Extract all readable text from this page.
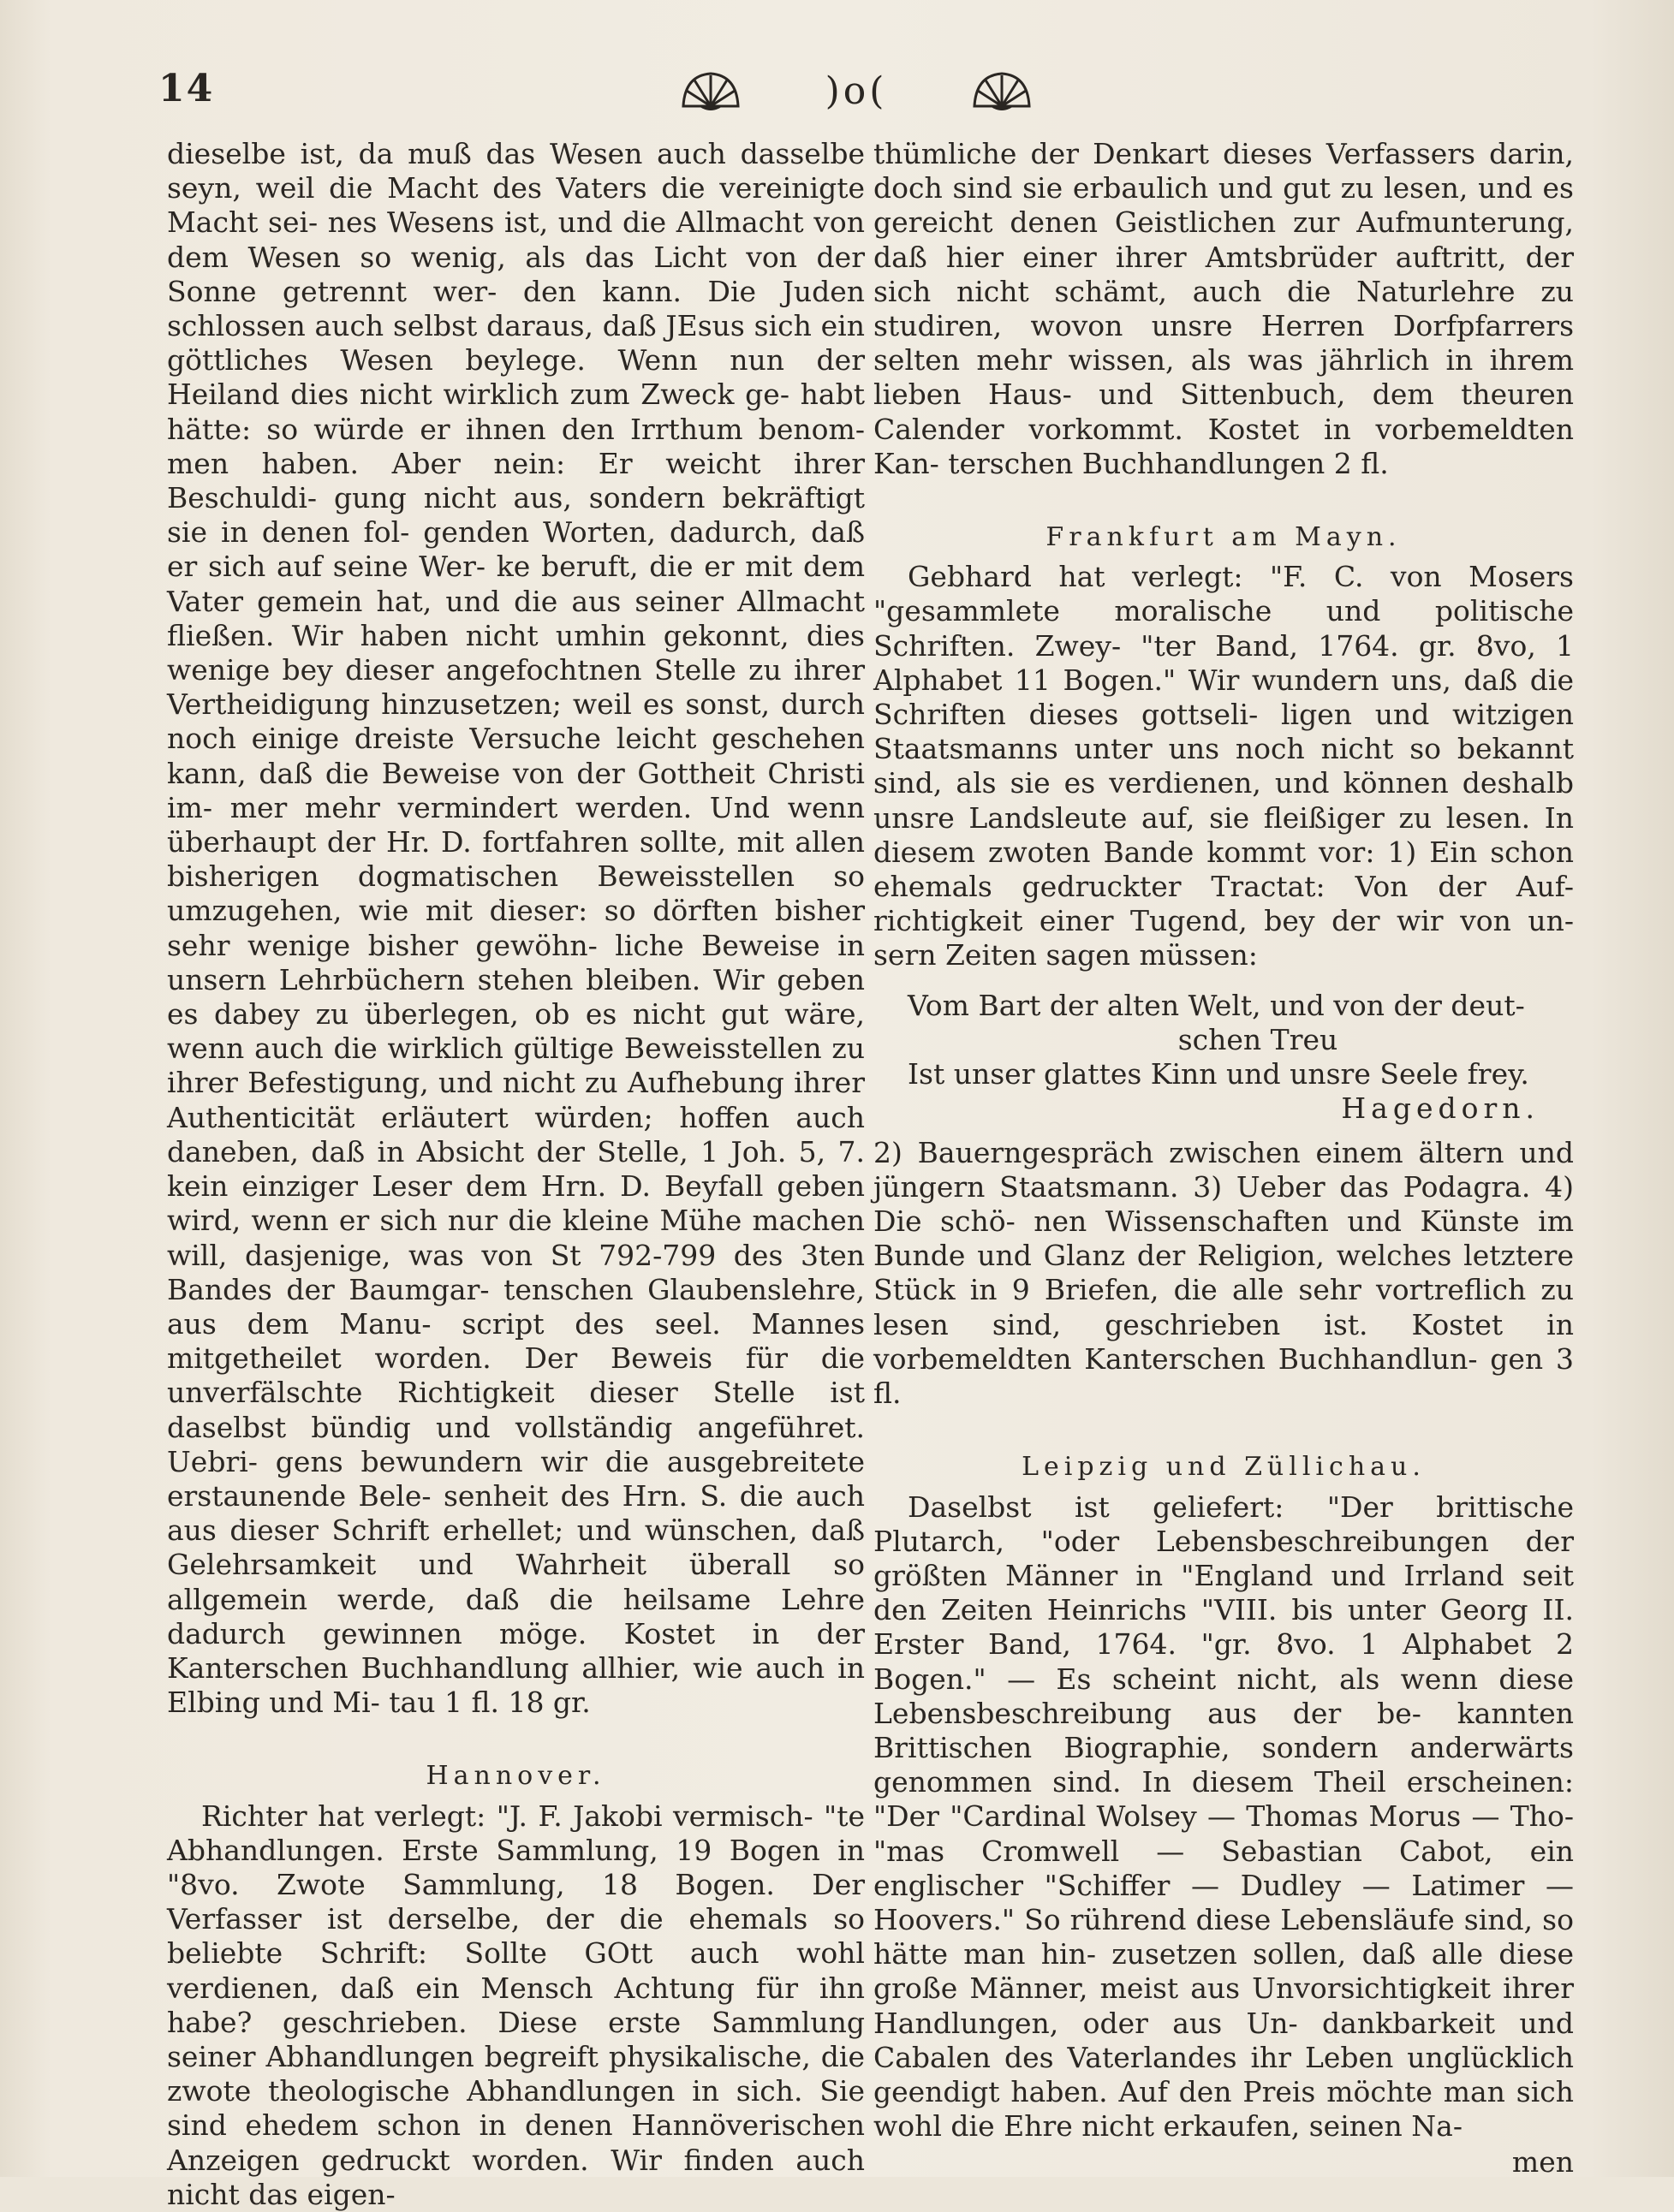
14	)o(

dieselbe ist, da muß das Wesen auch dasselbe seyn, weil die Macht des Vaters die vereinigte Macht sei- nes Wesens ist, und die Allmacht von dem Wesen so wenig, als das Licht von der Sonne getrennt wer- den kann. Die Juden schlossen auch selbst daraus, daß JEsus sich ein göttliches Wesen beylege. Wenn nun der Heiland dies nicht wirklich zum Zweck ge- habt hätte: so würde er ihnen den Irrthum benom- men haben. Aber nein: Er weicht ihrer Beschuldi- gung nicht aus, sondern bekräftigt sie in denen fol- genden Worten, dadurch, daß er sich auf seine Wer- ke beruft, die er mit dem Vater gemein hat, und die aus seiner Allmacht fließen. Wir haben nicht umhin gekonnt, dies wenige bey dieser angefochtnen Stelle zu ihrer Vertheidigung hinzusetzen; weil es sonst, durch noch einige dreiste Versuche leicht geschehen kann, daß die Beweise von der Gottheit Christi im- mer mehr vermindert werden. Und wenn überhaupt der Hr. D. fortfahren sollte, mit allen bisherigen dogmatischen Beweisstellen so umzugehen, wie mit dieser: so dörften bisher sehr wenige bisher gewöhn- liche Beweise in unsern Lehrbüchern stehen bleiben. Wir geben es dabey zu überlegen, ob es nicht gut wäre, wenn auch die wirklich gültige Beweisstellen zu ihrer Befestigung, und nicht zu Aufhebung ihrer Authenticität erläutert würden; hoffen auch daneben, daß in Absicht der Stelle, 1 Joh. 5, 7. kein einziger Leser dem Hrn. D. Beyfall geben wird, wenn er sich nur die kleine Mühe machen will, dasjenige, was von St 792-799 des 3ten Bandes der Baumgar- tenschen Glaubenslehre, aus dem Manu- script des seel. Mannes mitgetheilet worden. Der Beweis für die unverfälschte Richtigkeit dieser Stelle ist daselbst bündig und vollständig angeführet. Uebri- gens bewundern wir die ausgebreitete erstaunende Bele- senheit des Hrn. S. die auch aus dieser Schrift erhellet; und wünschen, daß Gelehrsamkeit und Wahrheit überall so allgemein werde, daß die heilsame Lehre dadurch gewinnen möge. Kostet in der Kanterschen Buchhandlung allhier, wie auch in Elbing und Mi- tau 1 fl. 18 gr.

Hannover.

Richter hat verlegt: "J. F. Jakobi vermisch- "te Abhandlungen. Erste Sammlung, 19 Bogen in "8vo. Zwote Sammlung, 18 Bogen. Der Verfasser ist derselbe, der die ehemals so beliebte Schrift: Sollte GOtt auch wohl verdienen, daß ein Mensch Achtung für ihn habe? geschrieben. Diese erste Sammlung seiner Abhandlungen begreift physikalische, die zwote theologische Abhandlungen in sich. Sie sind ehedem schon in denen Hannöverischen Anzeigen gedruckt worden. Wir finden auch nicht das eigen-

thümliche der Denkart dieses Verfassers darin, doch sind sie erbaulich und gut zu lesen, und es gereicht denen Geistlichen zur Aufmunterung, daß hier einer ihrer Amtsbrüder auftritt, der sich nicht schämt, auch die Naturlehre zu studiren, wovon unsre Herren Dorfpfarrers selten mehr wissen, als was jährlich in ihrem lieben Haus- und Sittenbuch, dem theuren Calender vorkommt. Kostet in vorbemeldten Kan- terschen Buchhandlungen 2 fl.

Frankfurt am Mayn.

Gebhard hat verlegt: "F. C. von Mosers "gesammlete moralische und politische Schriften. Zwey- "ter Band, 1764. gr. 8vo, 1 Alphabet 11 Bogen." Wir wundern uns, daß die Schriften dieses gottseli- ligen und witzigen Staatsmanns unter uns noch nicht so bekannt sind, als sie es verdienen, und können deshalb unsre Landsleute auf, sie fleißiger zu lesen. In diesem zwoten Bande kommt vor: 1) Ein schon ehemals gedruckter Tractat: Von der Auf- richtigkeit einer Tugend, bey der wir von un- sern Zeiten sagen müssen:

Vom Bart der alten Welt, und von der deut-
schen Treu
Ist unser glattes Kinn und unsre Seele frey.
Hagedorn.

2) Bauerngespräch zwischen einem ältern und jüngern Staatsmann. 3) Ueber das Podagra. 4) Die schö- nen Wissenschaften und Künste im Bunde und Glanz der Religion, welches letztere Stück in 9 Briefen, die alle sehr vortreflich zu lesen sind, geschrieben ist. Kostet in vorbemeldten Kanterschen Buchhandlun- gen 3 fl.

Leipzig und Züllichau.

Daselbst ist geliefert: "Der brittische Plutarch, "oder Lebensbeschreibungen der größten Männer in "England und Irrland seit den Zeiten Heinrichs "VIII. bis unter Georg II. Erster Band, 1764. "gr. 8vo. 1 Alphabet 2 Bogen." — Es scheint nicht, als wenn diese Lebensbeschreibung aus der be- kannten Brittischen Biographie, sondern anderwärts genommen sind. In diesem Theil erscheinen: "Der "Cardinal Wolsey — Thomas Morus — Tho- "mas Cromwell — Sebastian Cabot, ein englischer "Schiffer — Dudley — Latimer — Hoovers." So rührend diese Lebensläufe sind, so hätte man hin- zusetzen sollen, daß alle diese große Männer, meist aus Unvorsichtigkeit ihrer Handlungen, oder aus Un- dankbarkeit und Cabalen des Vaterlandes ihr Leben unglücklich geendigt haben. Auf den Preis möchte man sich wohl die Ehre nicht erkaufen, seinen Na-

men
